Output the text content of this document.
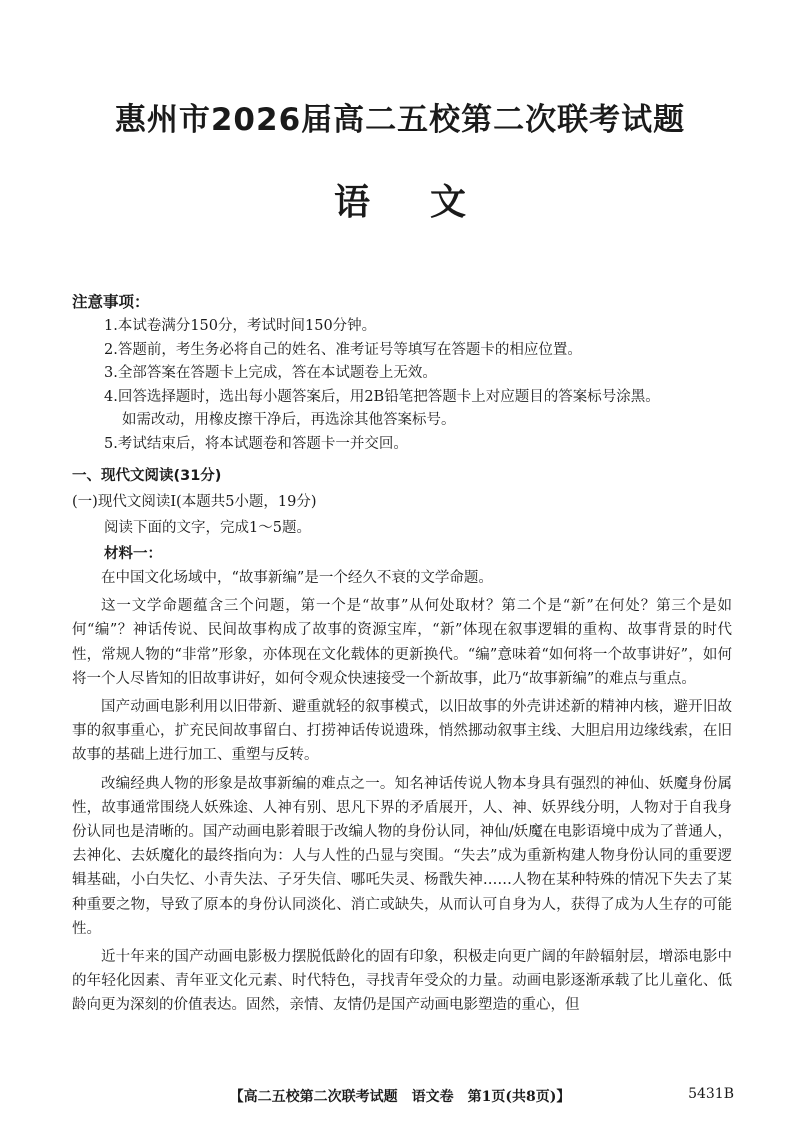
惠州市2026届高二五校第二次联考试题
语文
注意事项：
1.本试卷满分150分，考试时间150分钟。
2.答题前，考生务必将自己的姓名、准考证号等填写在答题卡的相应位置。
3.全部答案在答题卡上完成，答在本试题卷上无效。
4.回答选择题时，选出每小题答案后，用2B铅笔把答题卡上对应题目的答案标号涂黑。
如需改动，用橡皮擦干净后，再选涂其他答案标号。
5.考试结束后，将本试题卷和答题卡一并交回。
一、现代文阅读(31分)
(一)现代文阅读Ⅰ(本题共5小题，19分)
阅读下面的文字，完成1～5题。
材料一：

在中国文化场域中，“故事新编”是一个经久不衰的文学命题。

这一文学命题蕴含三个问题，第一个是“故事”从何处取材？第二个是“新”在何处？第三个是如何“编”？神话传说、民间故事构成了故事的资源宝库，“新”体现在叙事逻辑的重构、故事背景的时代性，常规人物的“非常”形象，亦体现在文化载体的更新换代。“编”意味着“如何将一个故事讲好”，如何将一个人尽皆知的旧故事讲好，如何令观众快速接受一个新故事，此乃“故事新编”的难点与重点。

国产动画电影利用以旧带新、避重就轻的叙事模式，以旧故事的外壳讲述新的精神内核，避开旧故事的叙事重心，扩充民间故事留白、打捞神话传说遗珠，悄然挪动叙事主线、大胆启用边缘线索，在旧故事的基础上进行加工、重塑与反转。

改编经典人物的形象是故事新编的难点之一。知名神话传说人物本身具有强烈的神仙、妖魔身份属性，故事通常围绕人妖殊途、人神有别、思凡下界的矛盾展开，人、神、妖界线分明，人物对于自我身份认同也是清晰的。国产动画电影着眼于改编人物的身份认同，神仙/妖魔在电影语境中成为了普通人，去神化、去妖魔化的最终指向为：人与人性的凸显与突围。“失去”成为重新构建人物身份认同的重要逻辑基础，小白失忆、小青失法、子牙失信、哪吒失灵、杨戬失神……人物在某种特殊的情况下失去了某种重要之物，导致了原本的身份认同淡化、消亡或缺失，从而认可自身为人，获得了成为人生存的可能性。

近十年来的国产动画电影极力摆脱低龄化的固有印象，积极走向更广阔的年龄辐射层，增添电影中的年轻化因素、青年亚文化元素、时代特色，寻找青年受众的力量。动画电影逐渐承载了比儿童化、低龄向更为深刻的价值表达。固然，亲情、友情仍是国产动画电影塑造的重心，但

【高二五校第二次联考试题　语文卷　第1页(共8页)】	5431B
